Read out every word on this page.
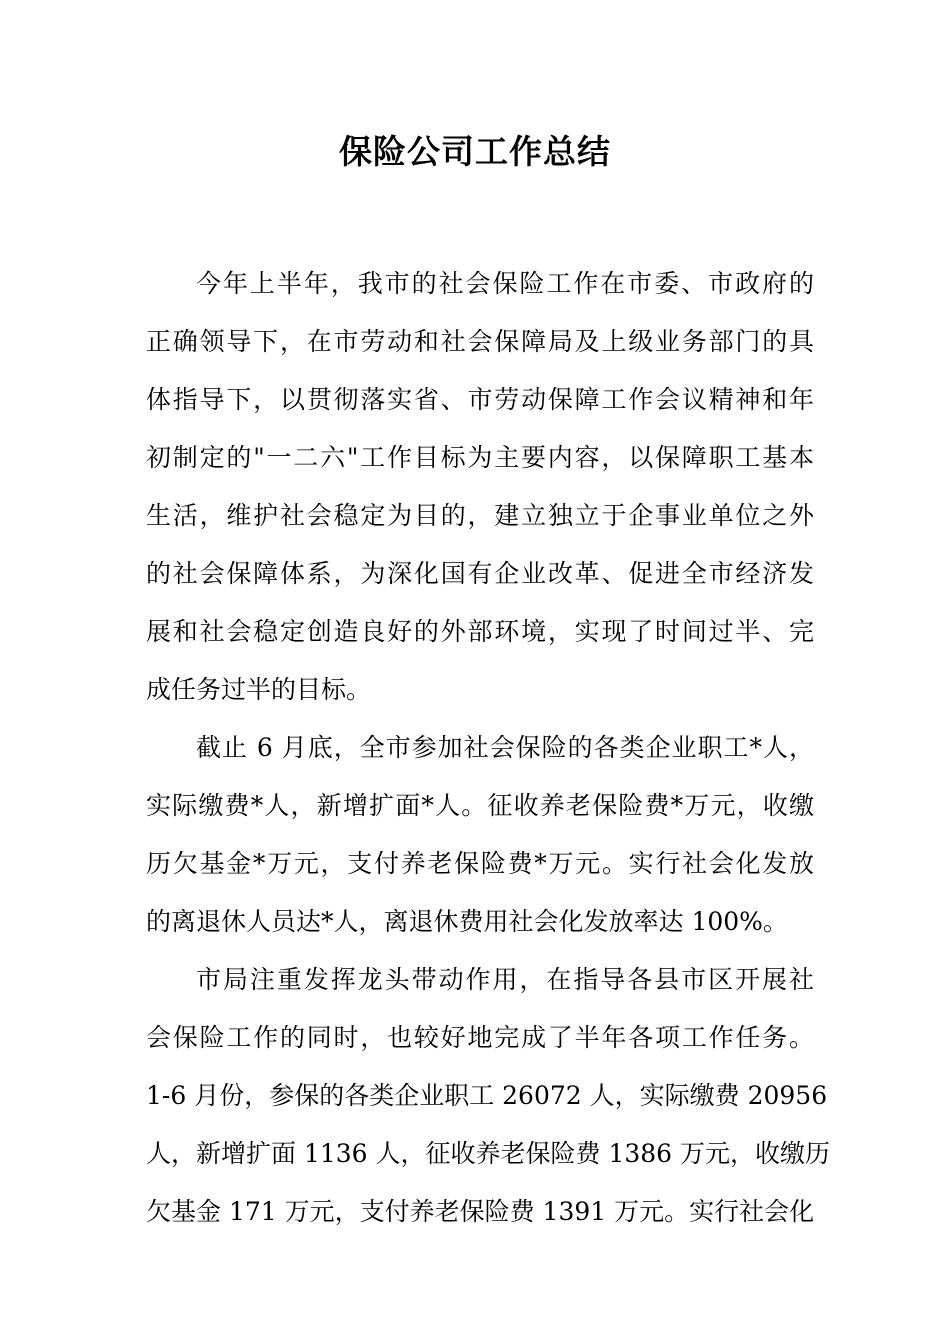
保险公司工作总结
今年上半年，我市的社会保险工作在市委、市政府的
正确领导下，在市劳动和社会保障局及上级业务部门的具
体指导下，以贯彻落实省、市劳动保障工作会议精神和年
初制定的"一二六"工作目标为主要内容，以保障职工基本
生活，维护社会稳定为目的，建立独立于企事业单位之外
的社会保障体系，为深化国有企业改革、促进全市经济发
展和社会稳定创造良好的外部环境，实现了时间过半、完
成任务过半的目标。
截止 6 月底，全市参加社会保险的各类企业职工*人，
实际缴费*人，新增扩面*人。征收养老保险费*万元，收缴
历欠基金*万元，支付养老保险费*万元。实行社会化发放
的离退休人员达*人，离退休费用社会化发放率达 100%。
市局注重发挥龙头带动作用，在指导各县市区开展社
会保险工作的同时，也较好地完成了半年各项工作任务。
1-6 月份，参保的各类企业职工 26072 人，实际缴费 20956
人，新增扩面 1136 人，征收养老保险费 1386 万元，收缴历
欠基金 171 万元，支付养老保险费 1391 万元。实行社会化
